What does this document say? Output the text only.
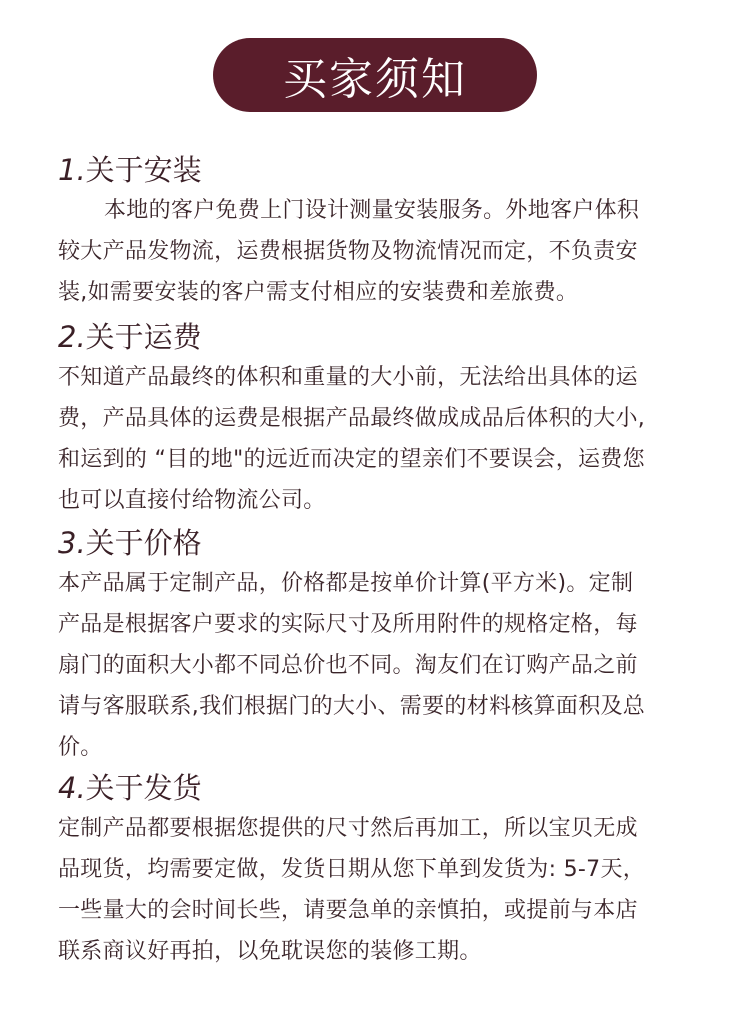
买家须知
1.关于安装
本地的客户免费上门设计测量安装服务。外地客户体积
较大产品发物流，运费根据货物及物流情况而定，不负责安
装,如需要安装的客户需支付相应的安装费和差旅费。
2.关于运费
不知道产品最终的体积和重量的大小前，无法给出具体的运
费，产品具体的运费是根据产品最终做成成品后体积的大小,
和运到的 “目的地"的远近而决定的望亲们不要误会，运费您
也可以直接付给物流公司。
3.关于价格
本产品属于定制产品，价格都是按单价计算(平方米)。定制
产品是根据客户要求的实际尺寸及所用附件的规格定格，每
扇门的面积大小都不同总价也不同。淘友们在订购产品之前
请与客服联系,我们根据门的大小、需要的材料核算面积及总
价。
4.关于发货
定制产品都要根据您提供的尺寸然后再加工，所以宝贝无成
品现货，均需要定做，发货日期从您下单到发货为: 5-7天，
一些量大的会时间长些，请要急单的亲慎拍，或提前与本店
联系商议好再拍，以免耽误您的装修工期。
